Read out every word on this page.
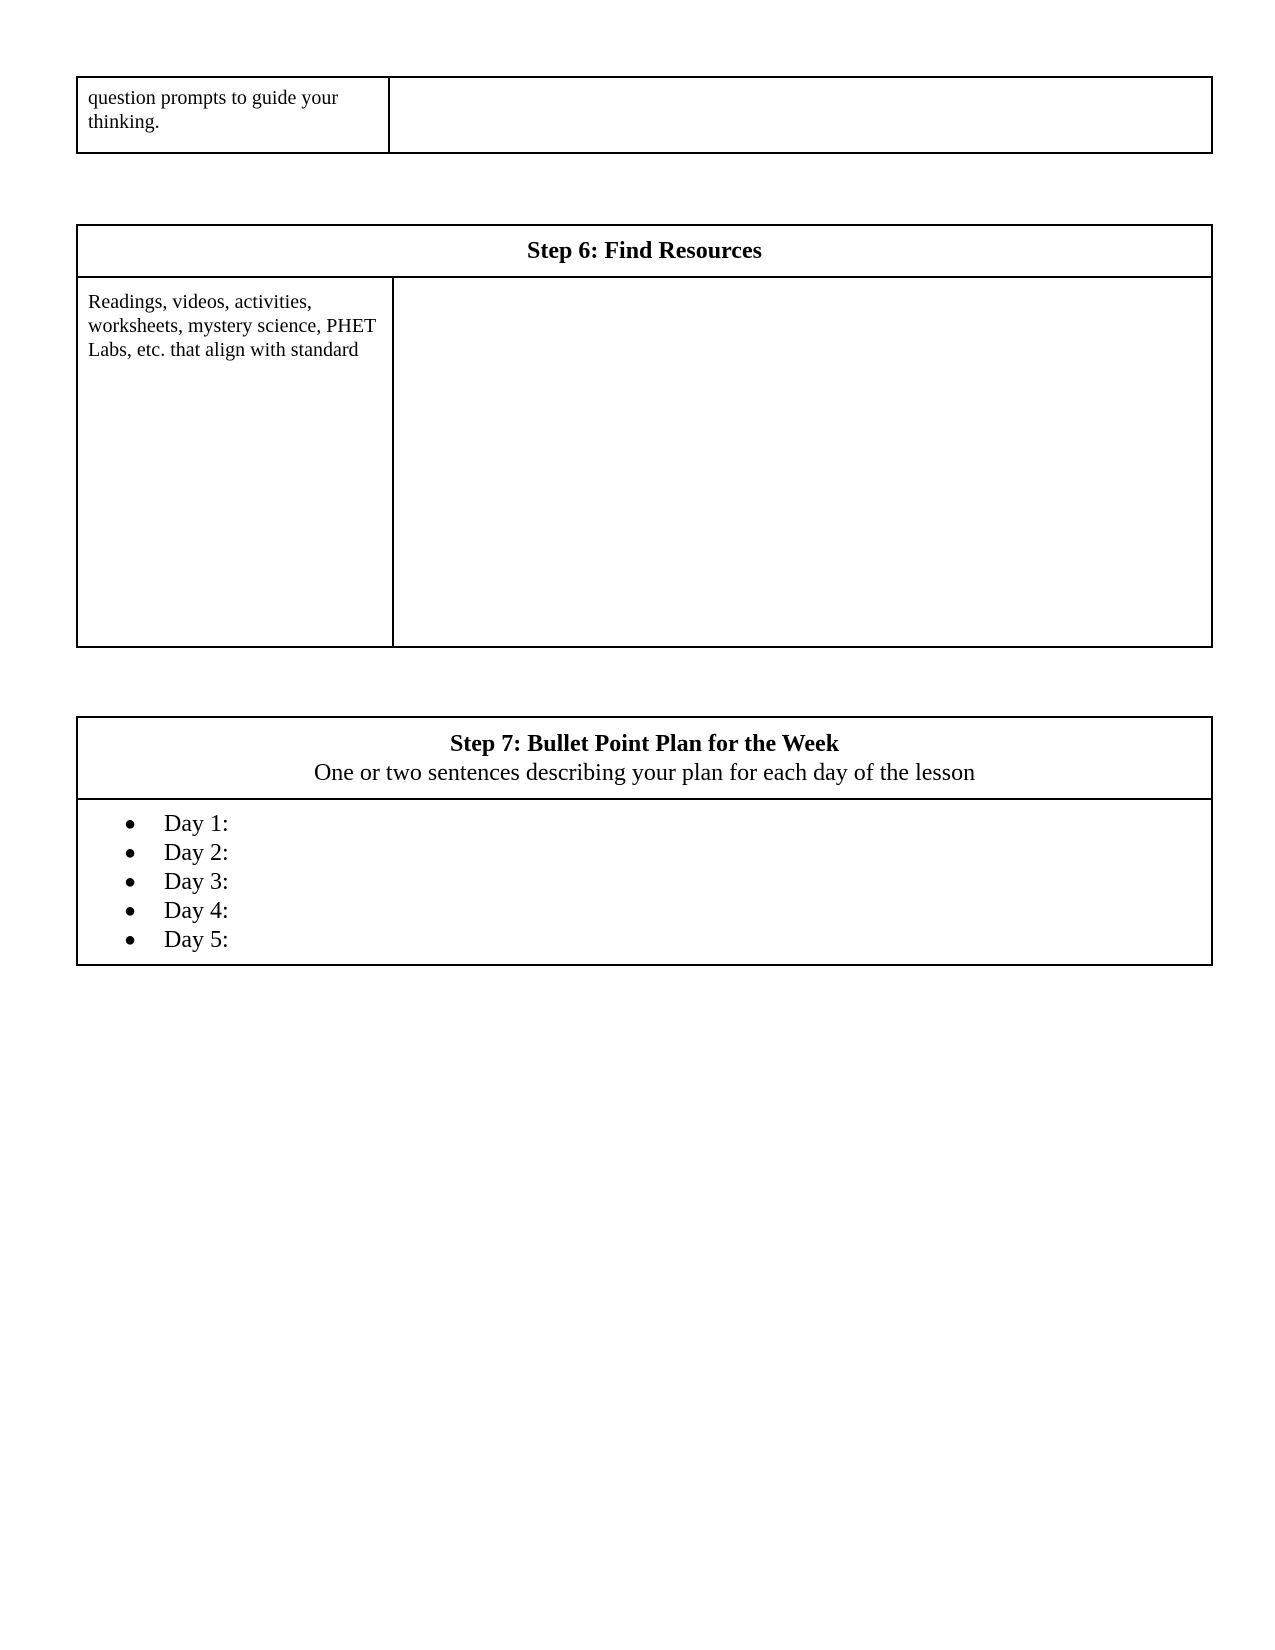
question prompts to guide your thinking.
Step 6: Find Resources
Readings, videos, activities, worksheets, mystery science, PHET Labs, etc. that align with standard
Step 7: Bullet Point Plan for the Week
One or two sentences describing your plan for each day of the lesson
● Day 1:
● Day 2:
● Day 3:
● Day 4:
● Day 5:
